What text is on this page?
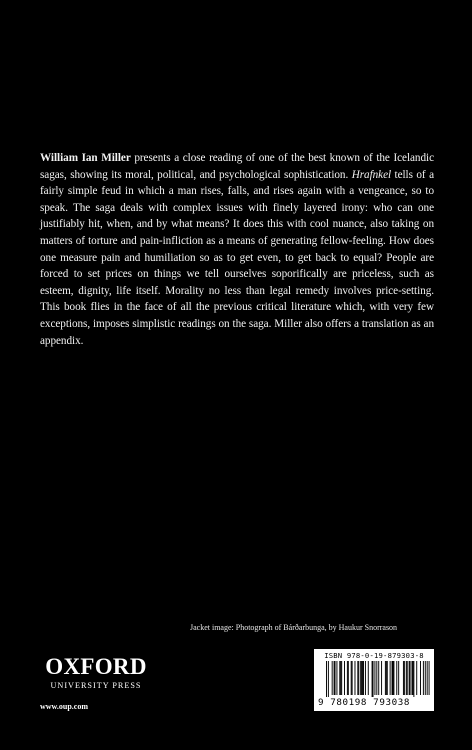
William Ian Miller presents a close reading of one of the best known of the Icelandic sagas, showing its moral, political, and psychological sophistication. Hrafnkel tells of a fairly simple feud in which a man rises, falls, and rises again with a vengeance, so to speak. The saga deals with complex issues with finely layered irony: who can one justifiably hit, when, and by what means? It does this with cool nuance, also taking on matters of torture and pain-infliction as a means of generating fellow-feeling. How does one measure pain and humiliation so as to get even, to get back to equal? People are forced to set prices on things we tell ourselves soporifically are priceless, such as esteem, dignity, life itself. Morality no less than legal remedy involves price-setting. This book flies in the face of all the previous critical literature which, with very few exceptions, imposes simplistic readings on the saga. Miller also offers a translation as an appendix.

Jacket image: Photograph of Bárðarbunga, by Haukur Snorrason
OXFORD
UNIVERSITY PRESS
www.oup.com
ISBN 978-0-19-879303-8
9 780198 793038
